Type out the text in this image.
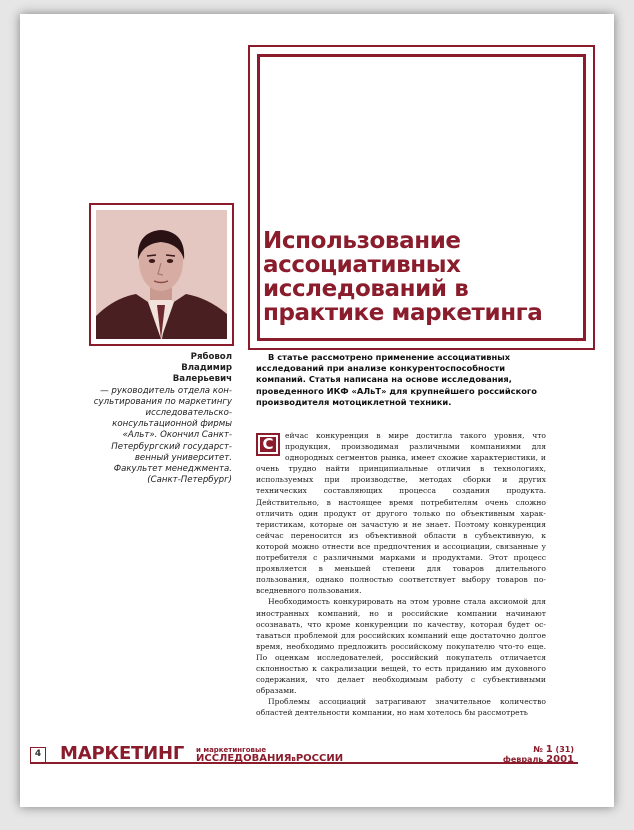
Использование ассоциативных исследований в практике маркетинга
Рябовол
Владимир
Валерьевич
— руководитель отдела консультирования по маркетингу исследовательско-консультационной фирмы «Альт». Окончил Санкт-Петербургский государственный университет. Факультет менеджмента.
(Санкт-Петербург)

В статье рассмотрено применение ассоциативных исследований при анализе конкурентоспособности компаний. Статья написана на основе исследования, проведенного ИКФ «АЛьТ» для крупнейшего российского производителя мотоциклетной техники.

С	ейчас конкуренция в мире достигла такого уровня, что продукция, производимая различными компаниями для однородных сегментов рынка, имеет схожие характеристики, и очень трудно найти принципиальные отличия в технологиях, используемых при производстве, методах сборки и других технических составляющих процесса создания продукта. Действительно, в настоящее время потребителям очень сложно отличить один продукт от другого только по объективным характеристикам, которые он зачастую и не знает. Поэтому конкуренция сейчас переносится из объективной области в субъективную, к которой можно отнести все предпочтения и ассоциации, связанные у потребителя с различными марками и продуктами. Этот процесс проявляется в меньшей степени для товаров длительного пользования, однако полностью соответствует выбору товаров повседневного пользования.

Необходимость конкурировать на этом уровне стала аксиомой для иностранных компаний, но и российские компании начинают осознавать, что кроме конкуренции по качеству, которая будет оставаться проблемой для российских компаний еще достаточно долгое время, необходимо предложить российскому покупателю что-то еще. По оценкам исследователей, российский покупатель отличается склонностью к сакрализации вещей, то есть приданию им духовного содержания, что делает необходимым работу с субъективными образами.

Проблемы ассоциаций затрагивают значительное количество областей деятельности компании, но нам хотелось бы рассмотреть

4 МАРКЕТИНГ и маркетинговые
ИССЛЕДОВАНИЯвРОССИИ
№ 1 (31)
февраль 2001
